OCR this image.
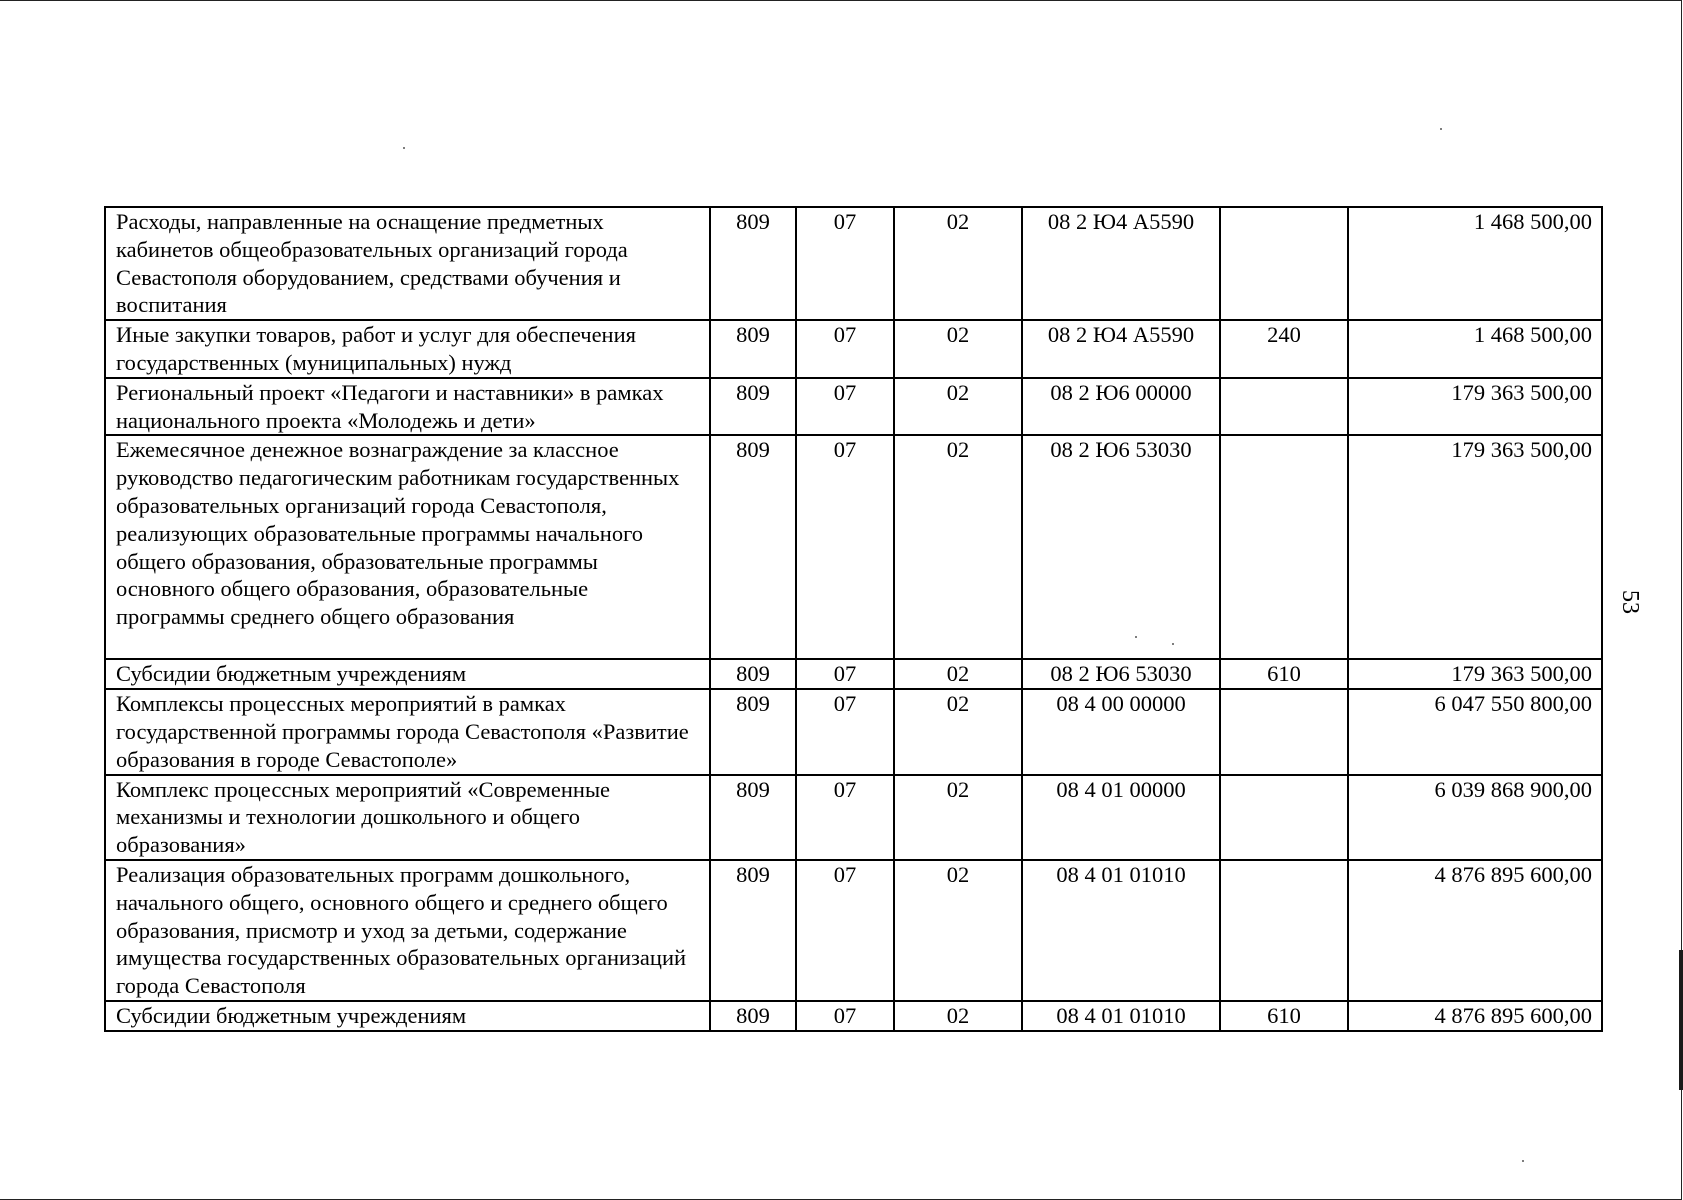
Расходы, направленные на оснащение предметных кабинетов общеобразовательных организаций города Севастополя оборудованием, средствами обучения и воспитания	809	07	02	08 2 Ю4 А5590		1 468 500,00
Иные закупки товаров, работ и услуг для обеспечения государственных (муниципальных) нужд	809	07	02	08 2 Ю4 А5590	240	1 468 500,00
Региональный проект «Педагоги и наставники» в рамках национального проекта «Молодежь и дети»	809	07	02	08 2 Ю6 00000		179 363 500,00
Ежемесячное денежное вознаграждение за классное руководство педагогическим работникам государственных образовательных организаций города Севастополя, реализующих образовательные программы начального общего образования, образовательные программы основного общего образования, образовательные программы среднего общего образования	809	07	02	08 2 Ю6 53030		179 363 500,00
Субсидии бюджетным учреждениям	809	07	02	08 2 Ю6 53030	610	179 363 500,00
Комплексы процессных мероприятий в рамках государственной программы города Севастополя «Развитие образования в городе Севастополе»	809	07	02	08 4 00 00000		6 047 550 800,00
Комплекс процессных мероприятий «Современные механизмы и технологии дошкольного и общего образования»	809	07	02	08 4 01 00000		6 039 868 900,00
Реализация образовательных программ дошкольного, начального общего, основного общего и среднего общего образования, присмотр и уход за детьми, содержание имущества государственных образовательных организаций города Севастополя	809	07	02	08 4 01 01010		4 876 895 600,00
Субсидии бюджетным учреждениям	809	07	02	08 4 01 01010	610	4 876 895 600,00
53
